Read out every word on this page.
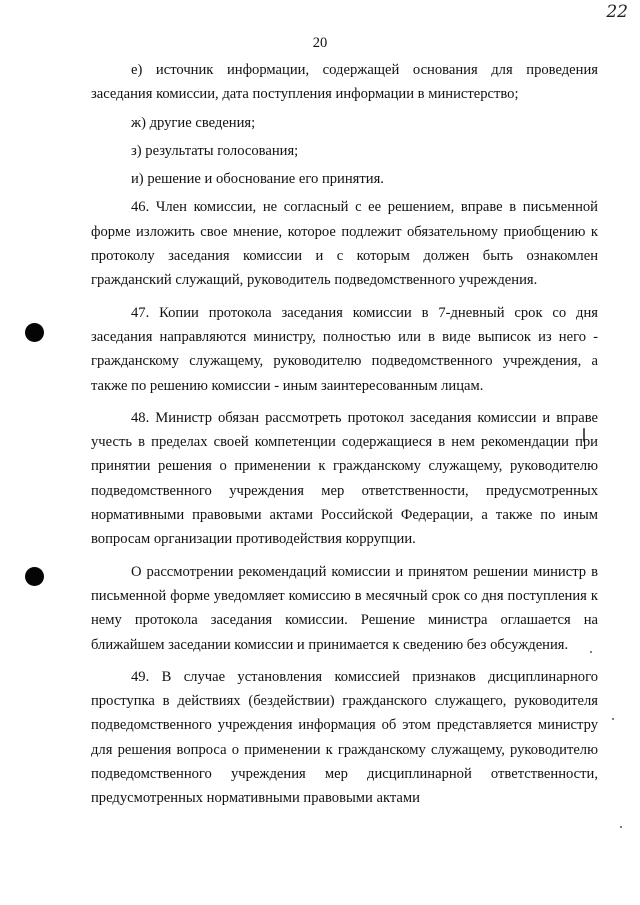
22
20

е) источник информации, содержащей основания для проведения заседания комиссии, дата поступления информации в министерство;

ж) другие сведения;

з) результаты голосования;

и) решение и обоснование его принятия.

46. Член комиссии, не согласный с ее решением, вправе в письменной форме изложить свое мнение, которое подлежит обязательному приобщению к протоколу заседания комиссии и с которым должен быть ознакомлен гражданский служащий, руководитель подведомственного учреждения.

47. Копии протокола заседания комиссии в 7-дневный срок со дня заседания направляются министру, полностью или в виде выписок из него - гражданскому служащему, руководителю подведомственного учреждения, а также по решению комиссии - иным заинтересованным лицам.

48. Министр обязан рассмотреть протокол заседания комиссии и вправе учесть в пределах своей компетенции содержащиеся в нем рекомендации при принятии решения о применении к гражданскому служащему, руководителю подведомственного учреждения мер ответственности, предусмотренных нормативными правовыми актами Российской Федерации, а также по иным вопросам организации противодействия коррупции.

О рассмотрении рекомендаций комиссии и принятом решении министр в письменной форме уведомляет комиссию в месячный срок со дня поступления к нему протокола заседания комиссии. Решение министра оглашается на ближайшем заседании комиссии и принимается к сведению без обсуждения.

49. В случае установления комиссией признаков дисциплинарного проступка в действиях (бездействии) гражданского служащего, руководителя подведомственного учреждения информация об этом представляется министру для решения вопроса о применении к гражданскому служащему, руководителю подведомственного учреждения мер дисциплинарной ответственности, предусмотренных нормативными правовыми актами
